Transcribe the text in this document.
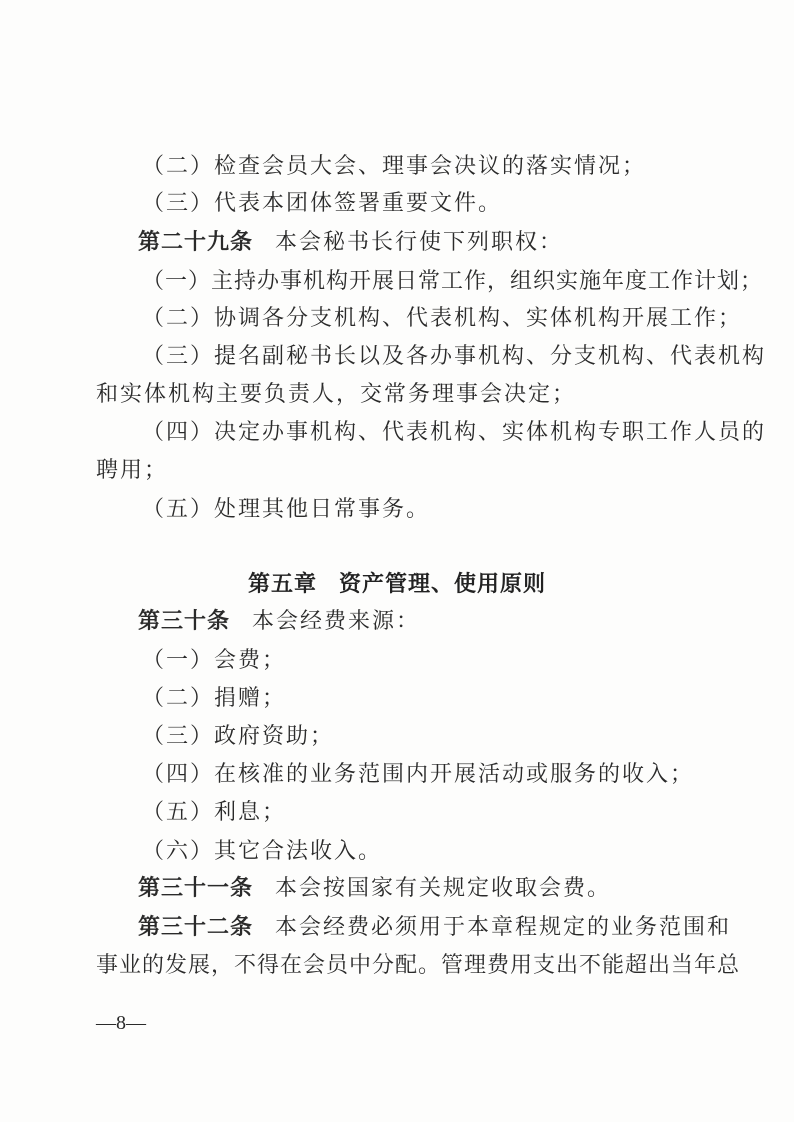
（二）检查会员大会、理事会决议的落实情况；
（三）代表本团体签署重要文件。
第二十九条 本会秘书长行使下列职权：
（一）主持办事机构开展日常工作，组织实施年度工作计划；
（二）协调各分支机构、代表机构、实体机构开展工作；
（三）提名副秘书长以及各办事机构、分支机构、代表机构
和实体机构主要负责人，交常务理事会决定；
（四）决定办事机构、代表机构、实体机构专职工作人员的
聘用；
（五）处理其他日常事务。
第五章 资产管理、使用原则
第三十条 本会经费来源：
（一）会费；
（二）捐赠；
（三）政府资助；
（四）在核准的业务范围内开展活动或服务的收入；
（五）利息；
（六）其它合法收入。
第三十一条 本会按国家有关规定收取会费。
第三十二条 本会经费必须用于本章程规定的业务范围和
事业的发展，不得在会员中分配。管理费用支出不能超出当年总
—8—
